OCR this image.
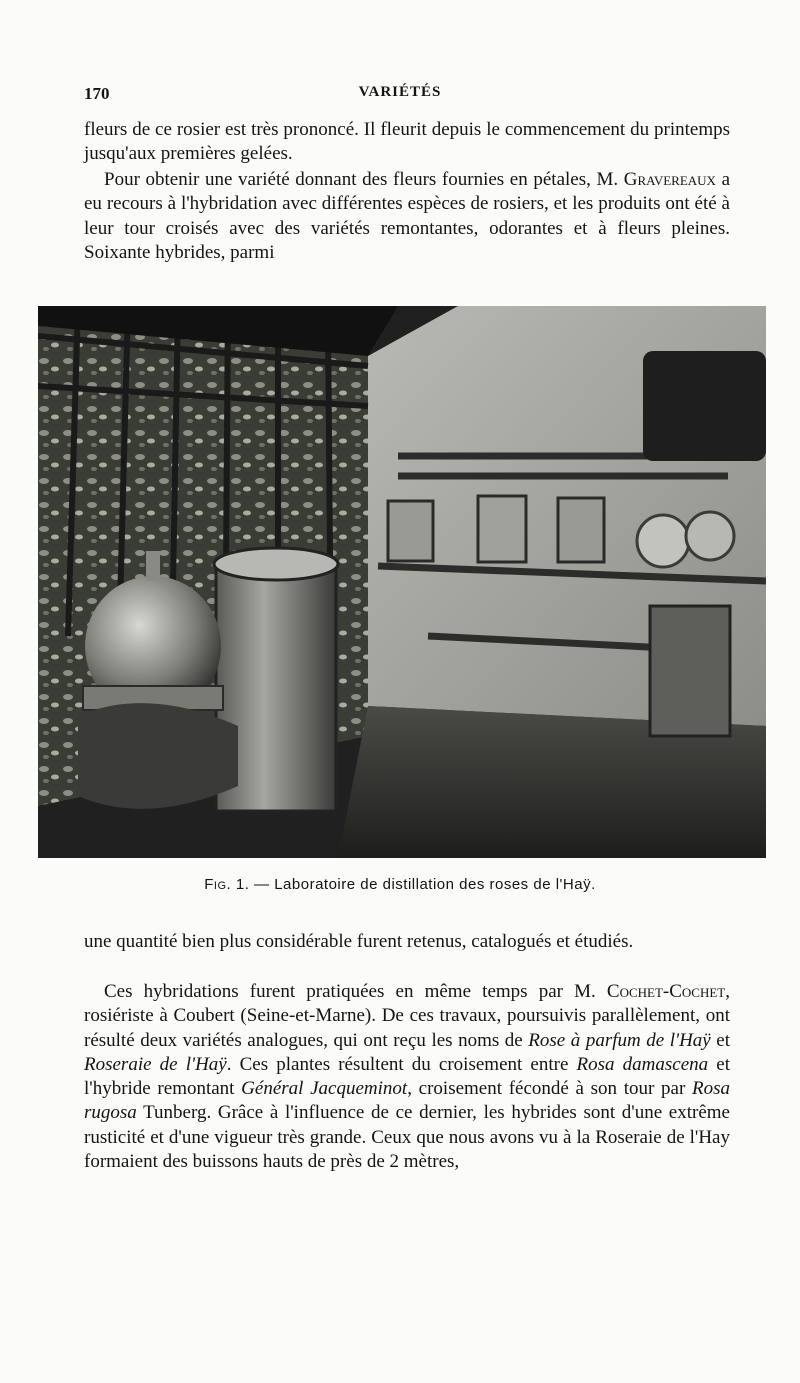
170	VARIÉTÉS

fleurs de ce rosier est très prononcé. Il fleurit depuis le commencement du printemps jusqu'aux premières gelées.

Pour obtenir une variété donnant des fleurs fournies en pétales, M. Gravereaux a eu recours à l'hybridation avec différentes espèces de rosiers, et les produits ont été à leur tour croisés avec des variétés remontantes, odorantes et à fleurs pleines. Soixante hybrides, parmi

Fig. 1. — Laboratoire de distillation des roses de l'Haÿ.

une quantité bien plus considérable furent retenus, catalogués et étudiés.

Ces hybridations furent pratiquées en même temps par M. Cochet-Cochet, rosiériste à Coubert (Seine-et-Marne). De ces travaux, poursuivis parallèlement, ont résulté deux variétés analogues, qui ont reçu les noms de Rose à parfum de l'Haÿ et Roseraie de l'Haÿ. Ces plantes résultent du croisement entre Rosa damascena et l'hybride remontant Général Jacqueminot, croisement fécondé à son tour par Rosa rugosa Tunberg. Grâce à l'influence de ce dernier, les hybrides sont d'une extrême rusticité et d'une vigueur très grande. Ceux que nous avons vu à la Roseraie de l'Hay formaient des buissons hauts de près de 2 mètres,
